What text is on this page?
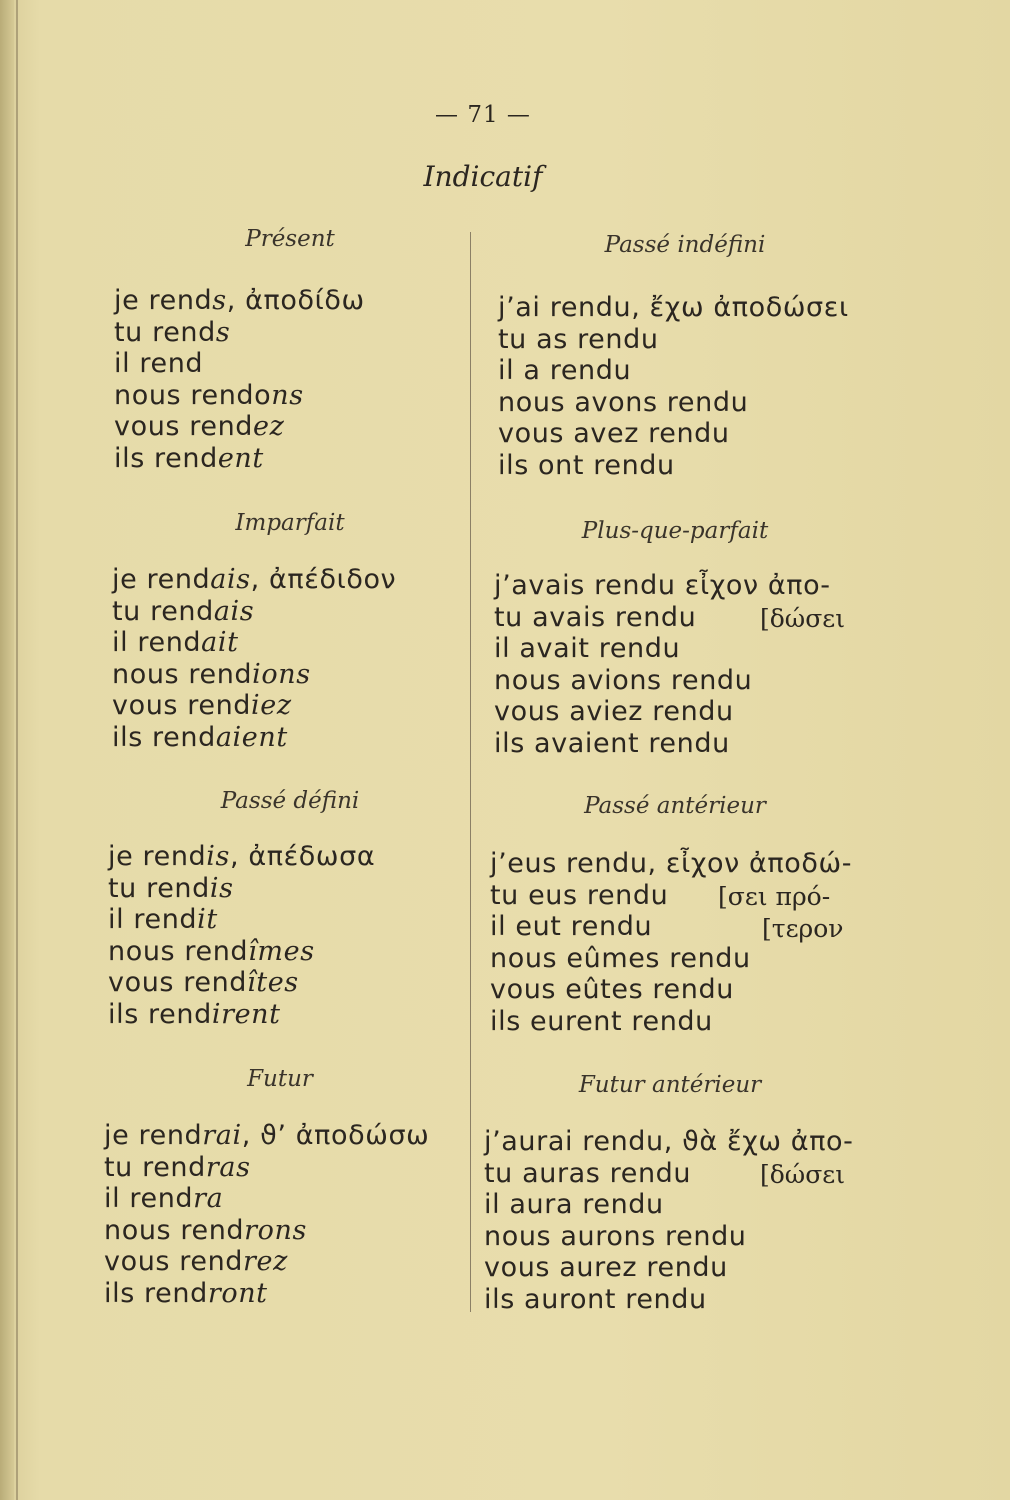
— 71 —
Indicatif
Présent
je rends, ἀποδίδω
tu rends
il rend
nous rendons
vous rendez
ils rendent
Imparfait
je rendais, ἀπέδιδον
tu rendais
il rendait
nous rendions
vous rendiez
ils rendaient
Passé défini
je rendis, ἀπέδωσα
tu rendis
il rendit
nous rendîmes
vous rendîtes
ils rendirent
Futur
je rendrai, ϑ’ ἀποδώσω
tu rendras
il rendra
nous rendrons
vous rendrez
ils rendront
Passé indéfini
j’ai rendu, ἔχω ἀποδώσει
tu as rendu
il a rendu
nous avons rendu
vous avez rendu
ils ont rendu
Plus-que-parfait
j’avais rendu εἶχον ἀπο-
tu avais rendu
il avait rendu
nous avions rendu
vous aviez rendu
ils avaient rendu
[δώσει
Passé antérieur
j’eus rendu, εἶχον ἀποδώ-
tu eus rendu
il eut rendu
nous eûmes rendu
vous eûtes rendu
ils eurent rendu
[σει πρό-
[τερον
Futur antérieur
j’aurai rendu, ϑὰ ἔχω ἀπο-
tu auras rendu
il aura rendu
nous aurons rendu
vous aurez rendu
ils auront rendu
[δώσει
